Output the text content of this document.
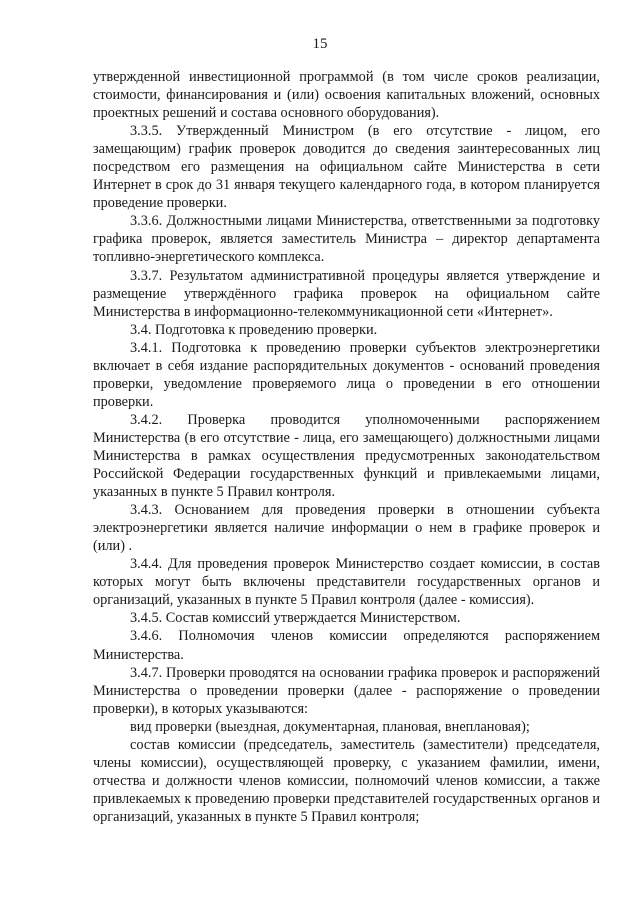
15

утвержденной инвестиционной программой (в том числе сроков реализации, стоимости, финансирования и (или) освоения капитальных вложений, основных проектных решений и состава основного оборудования).

3.3.5. Утвержденный Министром (в его отсутствие - лицом, его замещающим) график проверок доводится до сведения заинтересованных лиц посредством его размещения на официальном сайте Министерства в сети Интернет в срок до 31 января текущего календарного года, в котором планируется проведение проверки.

3.3.6. Должностными лицами Министерства, ответственными за подготовку графика проверок, является заместитель Министра – директор департамента топливно-энергетического комплекса.

3.3.7. Результатом административной процедуры является утверждение и размещение утверждённого графика проверок на официальном сайте Министерства в информационно-телекоммуникационной сети «Интернет».

3.4. Подготовка к проведению проверки.

3.4.1. Подготовка к проведению проверки субъектов электроэнергетики включает в себя издание распорядительных документов - оснований проведения проверки, уведомление проверяемого лица о проведении в его отношении проверки.

3.4.2. Проверка проводится уполномоченными распоряжением Министерства (в его отсутствие - лица, его замещающего) должностными лицами Министерства в рамках осуществления предусмотренных законодательством Российской Федерации государственных функций и привлекаемыми лицами, указанных в пункте 5 Правил контроля.

3.4.3. Основанием для проведения проверки в отношении субъекта электроэнергетики является наличие информации о нем в графике проверок и (или) .

3.4.4. Для проведения проверок Министерство создает комиссии, в состав которых могут быть включены представители государственных органов и организаций, указанных в пункте 5 Правил контроля (далее - комиссия).

3.4.5. Состав комиссий утверждается Министерством.

3.4.6. Полномочия членов комиссии определяются распоряжением Министерства.

3.4.7. Проверки проводятся на основании графика проверок и распоряжений Министерства о проведении проверки (далее - распоряжение о проведении проверки), в которых указываются:

вид проверки (выездная, документарная, плановая, внеплановая);

состав комиссии (председатель, заместитель (заместители) председателя, члены комиссии), осуществляющей проверку, с указанием фамилии, имени, отчества и должности членов комиссии, полномочий членов комиссии, а также привлекаемых к проведению проверки представителей государственных органов и организаций, указанных в пункте 5 Правил контроля;
